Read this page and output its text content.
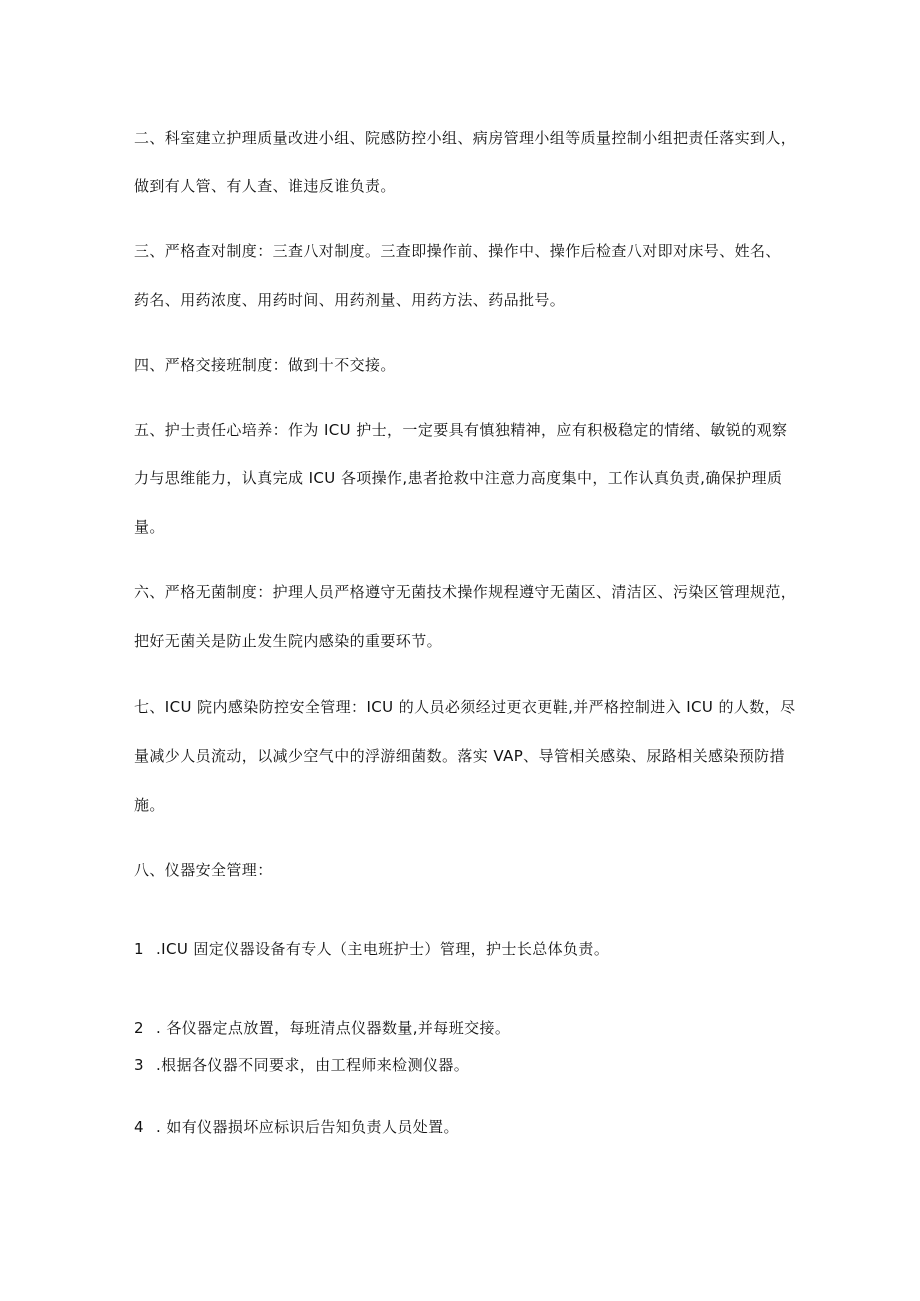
二、科室建立护理质量改进小组、院感防控小组、病房管理小组等质量控制小组把责任落实到人，
做到有人管、有人查、谁违反谁负责。
三、严格查对制度：三查八对制度。三查即操作前、操作中、操作后检查八对即对床号、姓名、
药名、用药浓度、用药时间、用药剂量、用药方法、药品批号。
四、严格交接班制度：做到十不交接。
五、护士责任心培养：作为 ICU 护士，一定要具有慎独精神，应有积极稳定的情绪、敏锐的观察
力与思维能力，认真完成 ICU 各项操作,患者抢救中注意力高度集中，工作认真负责,确保护理质
量。
六、严格无菌制度：护理人员严格遵守无菌技术操作规程遵守无菌区、清洁区、污染区管理规范，
把好无菌关是防止发生院内感染的重要环节。
七、ICU 院内感染防控安全管理：ICU 的人员必须经过更衣更鞋,并严格控制进入 ICU 的人数，尽
量减少人员流动，以减少空气中的浮游细菌数。落实 VAP、导管相关感染、尿路相关感染预防措
施。
八、仪器安全管理：
1 .ICU 固定仪器设备有专人（主电班护士）管理，护士长总体负责。
2 . 各仪器定点放置，每班清点仪器数量,并每班交接。
3 .根据各仪器不同要求，由工程师来检测仪器。
4 . 如有仪器损坏应标识后告知负责人员处置。
